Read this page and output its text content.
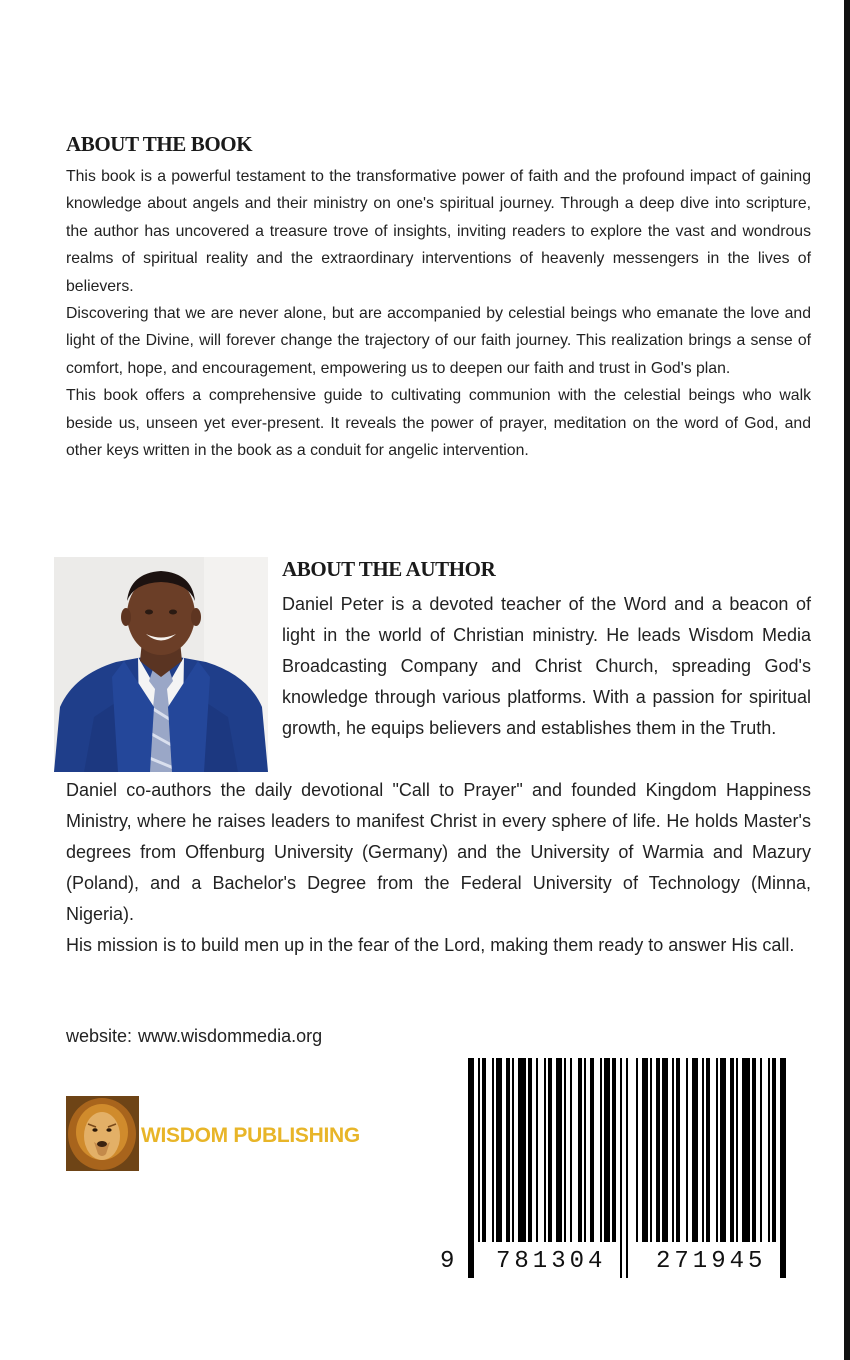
ABOUT THE BOOK

This book is a powerful testament to the transformative power of faith and the profound impact of gaining knowledge about angels and their ministry on one's spiritual journey. Through a deep dive into scripture, the author has uncovered a treasure trove of insights, inviting readers to explore the vast and wondrous realms of spiritual reality and the extraordinary interventions of heavenly messengers in the lives of believers.

Discovering that we are never alone, but are accompanied by celestial beings who emanate the love and light of the Divine, will forever change the trajectory of our faith journey. This realization brings a sense of comfort, hope, and encouragement, empowering us to deepen our faith and trust in God's plan.

This book offers a comprehensive guide to cultivating communion with the celestial beings who walk beside us, unseen yet ever-present. It reveals the power of prayer, meditation on the word of God, and other keys written in the book as a conduit for angelic intervention.

ABOUT THE AUTHOR

Daniel Peter is a devoted teacher of the Word and a beacon of light in the world of Christian ministry. He leads Wisdom Media Broadcasting Company and Christ Church, spreading God's knowledge through various platforms. With a passion for spiritual growth, he equips believers and establishes them in the Truth.

Daniel co-authors the daily devotional "Call to Prayer" and founded Kingdom Happiness Ministry, where he raises leaders to manifest Christ in every sphere of life. He holds Master's degrees from Offenburg University (Germany) and the University of Warmia and Mazury (Poland), and a Bachelor's Degree from the Federal University of Technology (Minna, Nigeria).

His mission is to build men up in the fear of the Lord, making them ready to answer His call.

website: www.wisdommedia.org
WISDOM PUBLISHING
9 781304 271945
